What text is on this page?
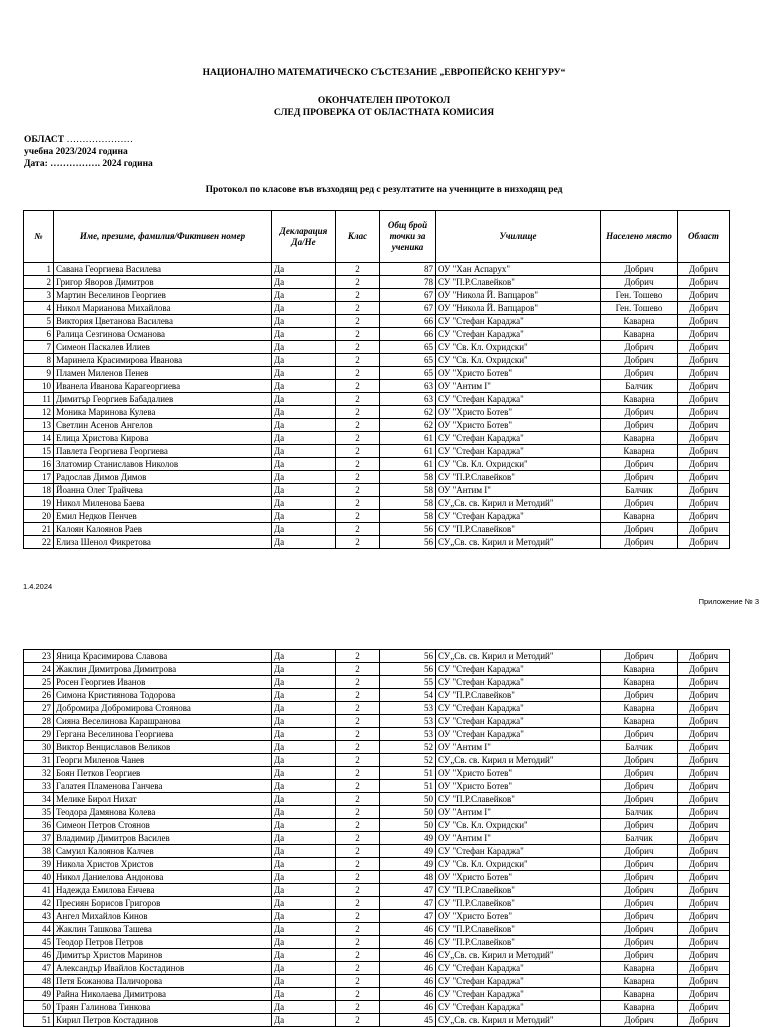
НАЦИОНАЛНО МАТЕМАТИЧЕСКО СЪСТЕЗАНИЕ „ЕВРОПЕЙСКО КЕНГУРУ“
ОКОНЧАТЕЛЕН ПРОТОКОЛ
СЛЕД ПРОВЕРКА ОТ ОБЛАСТНАТА КОМИСИЯ
ОБЛАСТ …………………
учебна 2023/2024 година
Дата: ……………. 2024 година
Протокол по класове във възходящ ред с резултатите на учениците в низходящ ред
№	Име, презиме, фамилия/Фиктивен номер	Декларация Да/Не	Клас	Общ брой точки за ученика	Училище	Населено място	Област
1	Савана Георгиева Василева	Да	2	87	ОУ "Хан Аспарух"	Добрич	Добрич
2	Григор Яворов Димитров	Да	2	78	СУ "П.Р.Славейков"	Добрич	Добрич
3	Мартин Веселинов Георгиев	Да	2	67	ОУ "Никола Й. Вапцаров"	Ген. Тошево	Добрич
4	Никол Марианова Михайлова	Да	2	67	ОУ "Никола Й. Вапцаров"	Ген. Тошево	Добрич
5	Виктория Цветанова Василева	Да	2	66	СУ "Стефан Караджа"	Каварна	Добрич
6	Ралица Сезгинова Османова	Да	2	66	СУ "Стефан Караджа"	Каварна	Добрич
7	Симеон Паскалев Илиев	Да	2	65	СУ "Св. Кл. Охридски"	Добрич	Добрич
8	Маринела Красимирова Иванова	Да	2	65	СУ "Св. Кл. Охридски"	Добрич	Добрич
9	Пламен Миленов Пенев	Да	2	65	ОУ "Христо Ботев"	Добрич	Добрич
10	Иванела Иванова Карагеоргиева	Да	2	63	ОУ "Антим I"	Балчик	Добрич
11	Димитър Георгиев Бабадалиев	Да	2	63	СУ "Стефан Караджа"	Каварна	Добрич
12	Моника Маринова Кулева	Да	2	62	ОУ "Христо Ботев"	Добрич	Добрич
13	Светлин Асенов Ангелов	Да	2	62	ОУ "Христо Ботев"	Добрич	Добрич
14	Елица Христова Кирова	Да	2	61	СУ "Стефан Караджа"	Каварна	Добрич
15	Павлета Георгиева Георгиева	Да	2	61	СУ "Стефан Караджа"	Каварна	Добрич
16	Златомир Станиславов Николов	Да	2	61	СУ "Св. Кл. Охридски"	Добрич	Добрич
17	Радослав Димов Димов	Да	2	58	СУ "П.Р.Славейков"	Добрич	Добрич
18	Йоанна Олег Трайчева	Да	2	58	ОУ "Антим I"	Балчик	Добрич
19	Никол Миленова Баева	Да	2	58	СУ„Св. св. Кирил и Методий"	Добрич	Добрич
20	Емил Недков Пенчев	Да	2	58	СУ "Стефан Караджа"	Каварна	Добрич
21	Калоян Калоянов Раев	Да	2	56	СУ "П.Р.Славейков"	Добрич	Добрич
22	Елиза Шенол Фикретова	Да	2	56	СУ„Св. св. Кирил и Методий"	Добрич	Добрич
1.4.2024
Приложение № 3
23	Яница Красимирова Славова	Да	2	56	СУ„Св. св. Кирил и Методий"	Добрич	Добрич
24	Жаклин Димитрова Димитрова	Да	2	56	СУ "Стефан Караджа"	Каварна	Добрич
25	Росен Георгиев Иванов	Да	2	55	СУ "Стефан Караджа"	Каварна	Добрич
26	Симона Кристиянова Тодорова	Да	2	54	СУ "П.Р.Славейков"	Добрич	Добрич
27	Добромира Добромирова Стоянова	Да	2	53	СУ "Стефан Караджа"	Каварна	Добрич
28	Сияна Веселинова Карашранова	Да	2	53	СУ "Стефан Караджа"	Каварна	Добрич
29	Гергана Веселинова Георгиева	Да	2	53	ОУ "Стефан Караджа"	Добрич	Добрич
30	Виктор Венциславов Великов	Да	2	52	ОУ "Антим I"	Балчик	Добрич
31	Георги Миленов Чанев	Да	2	52	СУ„Св. св. Кирил и Методий"	Добрич	Добрич
32	Боян Петков Георгиев	Да	2	51	ОУ "Христо Ботев"	Добрич	Добрич
33	Галатея Пламенова Ганчева	Да	2	51	ОУ "Христо Ботев"	Добрич	Добрич
34	Мелике Бирол Нихат	Да	2	50	СУ "П.Р.Славейков"	Добрич	Добрич
35	Теодора Дамянова Колева	Да	2	50	ОУ "Антим I"	Балчик	Добрич
36	Симеон Петров Стоянов	Да	2	50	СУ "Св. Кл. Охридски"	Добрич	Добрич
37	Владимир Димитров Василев	Да	2	49	ОУ "Антим I"	Балчик	Добрич
38	Самуил Калоянов Калчев	Да	2	49	СУ "Стефан Караджа"	Добрич	Добрич
39	Никола Христов Христов	Да	2	49	СУ "Св. Кл. Охридски"	Добрич	Добрич
40	Никол Даниелова Андонова	Да	2	48	ОУ "Христо Ботев"	Добрич	Добрич
41	Надежда Емилова Енчева	Да	2	47	СУ "П.Р.Славейков"	Добрич	Добрич
42	Пресиян Борисов Григоров	Да	2	47	СУ "П.Р.Славейков"	Добрич	Добрич
43	Ангел Михайлов Кинов	Да	2	47	ОУ "Христо Ботев"	Добрич	Добрич
44	Жаклин Ташкова Ташева	Да	2	46	СУ "П.Р.Славейков"	Добрич	Добрич
45	Теодор Петров Петров	Да	2	46	СУ "П.Р.Славейков"	Добрич	Добрич
46	Димитър Христов Маринов	Да	2	46	СУ„Св. св. Кирил и Методий"	Добрич	Добрич
47	Александър Ивайлов Костадинов	Да	2	46	СУ "Стефан Караджа"	Каварна	Добрич
48	Петя Божанова Паличорова	Да	2	46	СУ "Стефан Караджа"	Каварна	Добрич
49	Райна Николаева Димитрова	Да	2	46	СУ "Стефан Караджа"	Каварна	Добрич
50	Траян Галинова Тинкова	Да	2	46	СУ "Стефан Караджа"	Каварна	Добрич
51	Кирил Петров Костадинов	Да	2	45	СУ„Св. св. Кирил и Методий"	Добрич	Добрич
